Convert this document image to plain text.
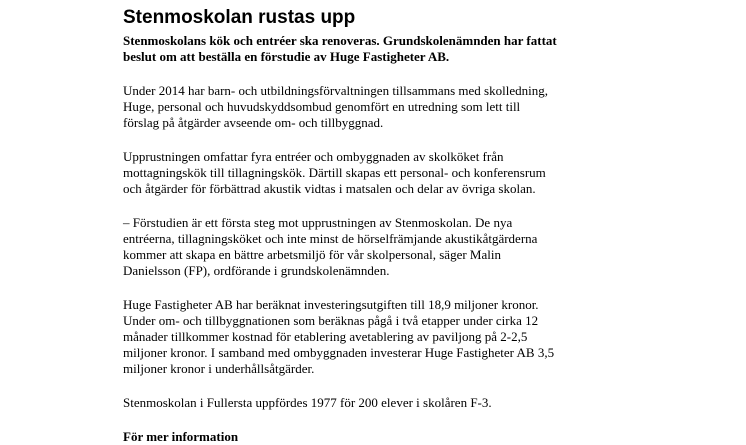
Stenmoskolan rustas upp

Stenmoskolans kök och entréer ska renoveras. Grundskolenämnden har fattat
beslut om att beställa en förstudie av Huge Fastigheter AB.

Under 2014 har barn- och utbildningsförvaltningen tillsammans med skolledning,
Huge, personal och huvudskyddsombud genomfört en utredning som lett till
förslag på åtgärder avseende om- och tillbyggnad.

Upprustningen omfattar fyra entréer och ombyggnaden av skolköket från
mottagningskök till tillagningskök. Därtill skapas ett personal- och konferensrum
och åtgärder för förbättrad akustik vidtas i matsalen och delar av övriga skolan.

– Förstudien är ett första steg mot upprustningen av Stenmoskolan. De nya
entréerna, tillagningsköket och inte minst de hörselfrämjande akustikåtgärderna
kommer att skapa en bättre arbetsmiljö för vår skolpersonal, säger Malin
Danielsson (FP), ordförande i grundskolenämnden.

Huge Fastigheter AB har beräknat investeringsutgiften till 18,9 miljoner kronor.
Under om- och tillbyggnationen som beräknas pågå i två etapper under cirka 12
månader tillkommer kostnad för etablering avetablering av paviljong på 2-2,5
miljoner kronor. I samband med ombyggnaden investerar Huge Fastigheter AB 3,5
miljoner kronor i underhållsåtgärder.

Stenmoskolan i Fullersta uppfördes 1977 för 200 elever i skolåren F-3.

För mer information
